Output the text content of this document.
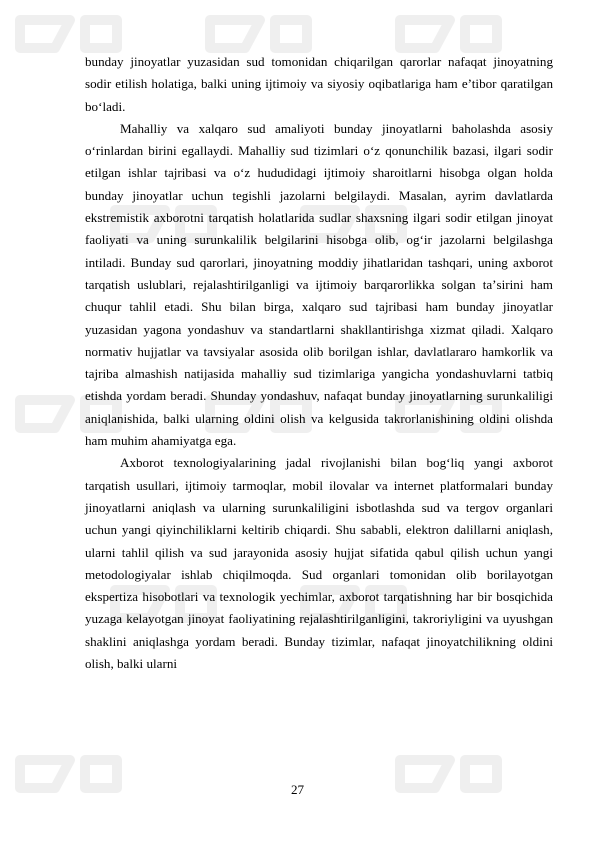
bunday jinoyatlar yuzasidan sud tomonidan chiqarilgan qarorlar nafaqat jinoyatning sodir etilish holatiga, balki uning ijtimoiy va siyosiy oqibatlariga ham e’tibor qaratilgan bo‘ladi.

Mahalliy va xalqaro sud amaliyoti bunday jinoyatlarni baholashda asosiy o‘rinlardan birini egallaydi. Mahalliy sud tizimlari o‘z qonunchilik bazasi, ilgari sodir etilgan ishlar tajribasi va o‘z hududidagi ijtimoiy sharoitlarni hisobga olgan holda bunday jinoyatlar uchun tegishli jazolarni belgilaydi. Masalan, ayrim davlatlarda ekstremistik axborotni tarqatish holatlarida sudlar shaxsning ilgari sodir etilgan jinoyat faoliyati va uning surunkalilik belgilarini hisobga olib, og‘ir jazolarni belgilashga intiladi. Bunday sud qarorlari, jinoyatning moddiy jihatlaridan tashqari, uning axborot tarqatish uslublari, rejalashtirilganligi va ijtimoiy barqarorlikka solgan taʼsirini ham chuqur tahlil etadi. Shu bilan birga, xalqaro sud tajribasi ham bunday jinoyatlar yuzasidan yagona yondashuv va standartlarni shakllantirishga xizmat qiladi. Xalqaro normativ hujjatlar va tavsiyalar asosida olib borilgan ishlar, davlatlararo hamkorlik va tajriba almashish natijasida mahalliy sud tizimlariga yangicha yondashuvlarni tatbiq etishda yordam beradi. Shunday yondashuv, nafaqat bunday jinoyatlarning surunkaliligi aniqlanishida, balki ularning oldini olish va kelgusida takrorlanishining oldini olishda ham muhim ahamiyatga ega.

Axborot texnologiyalarining jadal rivojlanishi bilan bog‘liq yangi axborot tarqatish usullari, ijtimoiy tarmoqlar, mobil ilovalar va internet platformalari bunday jinoyatlarni aniqlash va ularning surunkaliligini isbotlashda sud va tergov organlari uchun yangi qiyinchiliklarni keltirib chiqardi. Shu sababli, elektron dalillarni aniqlash, ularni tahlil qilish va sud jarayonida asosiy hujjat sifatida qabul qilish uchun yangi metodologiyalar ishlab chiqilmoqda. Sud organlari tomonidan olib borilayotgan ekspertiza hisobotlari va texnologik yechimlar, axborot tarqatishning har bir bosqichida yuzaga kelayotgan jinoyat faoliyatining rejalashtirilganligini, takroriyligini va uyushgan shaklini aniqlashga yordam beradi. Bunday tizimlar, nafaqat jinoyatchilikning oldini olish, balki ularni

27
